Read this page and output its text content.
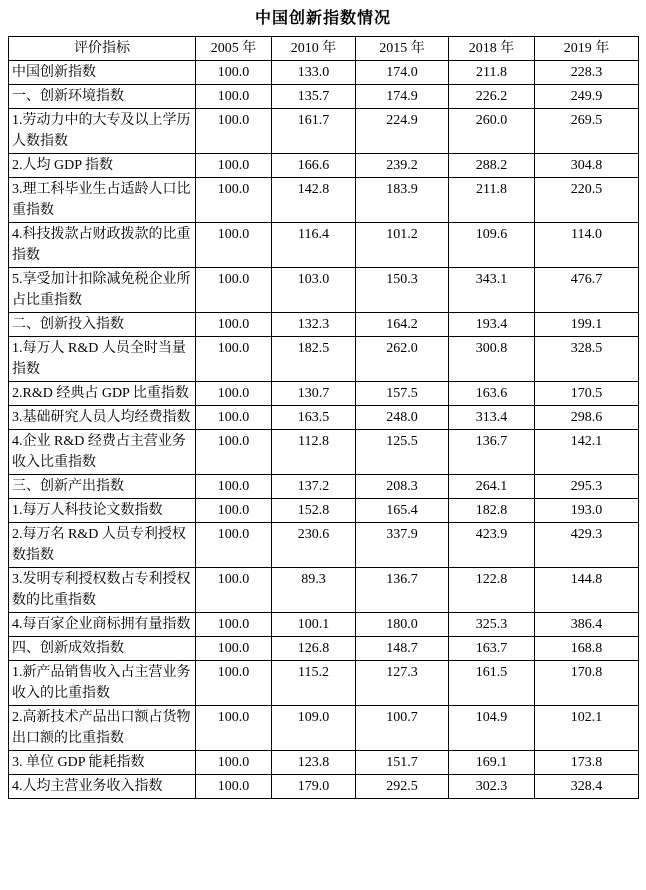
中国创新指数情况
评价指标	2005 年	2010 年	2015 年	2018 年	2019 年
中国创新指数	100.0	133.0	174.0	211.8	228.3
一、创新环境指数	100.0	135.7	174.9	226.2	249.9
1.劳动力中的大专及以上学历人数指数	100.0	161.7	224.9	260.0	269.5
2.人均 GDP 指数	100.0	166.6	239.2	288.2	304.8
3.理工科毕业生占适龄人口比重指数	100.0	142.8	183.9	211.8	220.5
4.科技拨款占财政拨款的比重指数	100.0	116.4	101.2	109.6	114.0
5.享受加计扣除减免税企业所占比重指数	100.0	103.0	150.3	343.1	476.7
二、创新投入指数	100.0	132.3	164.2	193.4	199.1
1.每万人 R&D 人员全时当量指数	100.0	182.5	262.0	300.8	328.5
2.R&D 经典占 GDP 比重指数	100.0	130.7	157.5	163.6	170.5
3.基础研究人员人均经费指数	100.0	163.5	248.0	313.4	298.6
4.企业 R&D 经费占主营业务收入比重指数	100.0	112.8	125.5	136.7	142.1
三、创新产出指数	100.0	137.2	208.3	264.1	295.3
1.每万人科技论文数指数	100.0	152.8	165.4	182.8	193.0
2.每万名 R&D 人员专利授权数指数	100.0	230.6	337.9	423.9	429.3
3.发明专利授权数占专利授权数的比重指数	100.0	89.3	136.7	122.8	144.8
4.每百家企业商标拥有量指数	100.0	100.1	180.0	325.3	386.4
四、创新成效指数	100.0	126.8	148.7	163.7	168.8
1.新产品销售收入占主营业务收入的比重指数	100.0	115.2	127.3	161.5	170.8
2.高新技术产品出口额占货物出口额的比重指数	100.0	109.0	100.7	104.9	102.1
3. 单位 GDP 能耗指数	100.0	123.8	151.7	169.1	173.8
4.人均主营业务收入指数	100.0	179.0	292.5	302.3	328.4
